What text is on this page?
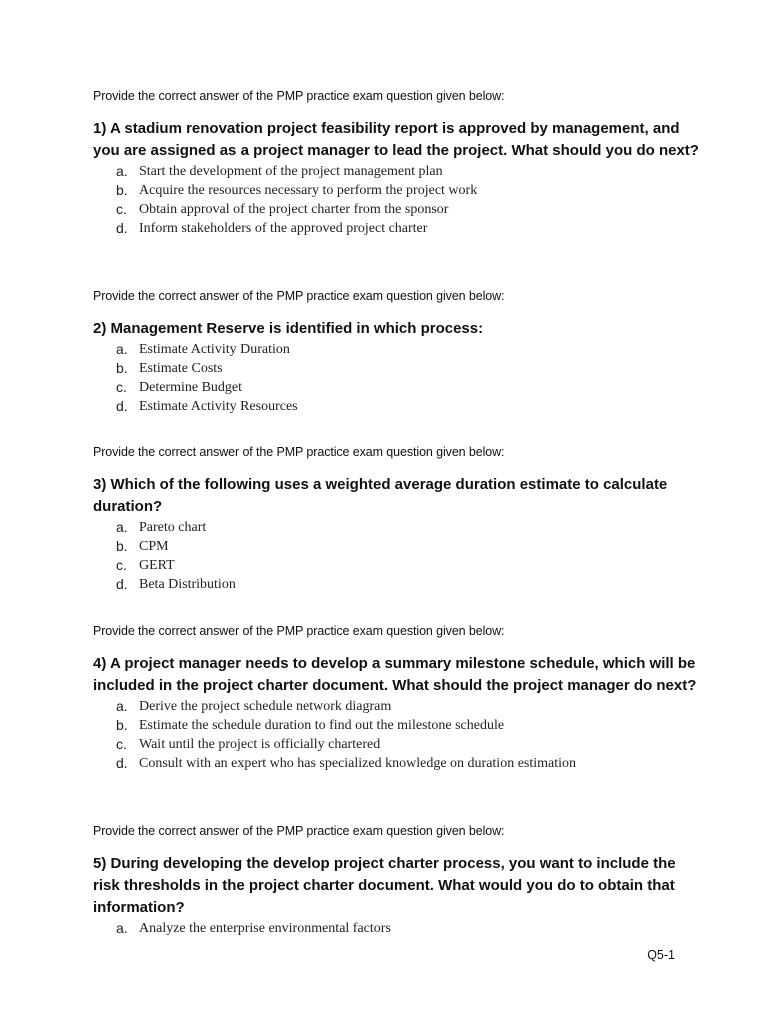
Provide the correct answer of the PMP practice exam question given below:

1) A stadium renovation project feasibility report is approved by management, and you are assigned as a project manager to lead the project. What should you do next?

a. Start the development of the project management plan
b. Acquire the resources necessary to perform the project work
c. Obtain approval of the project charter from the sponsor
d. Inform stakeholders of the approved project charter

Provide the correct answer of the PMP practice exam question given below:

2) Management Reserve is identified in which process:

a. Estimate Activity Duration
b. Estimate Costs
c. Determine Budget
d. Estimate Activity Resources

Provide the correct answer of the PMP practice exam question given below:

3) Which of the following uses a weighted average duration estimate to calculate duration?

a. Pareto chart
b. CPM
c. GERT
d. Beta Distribution

Provide the correct answer of the PMP practice exam question given below:

4) A project manager needs to develop a summary milestone schedule, which will be included in the project charter document. What should the project manager do next?

a. Derive the project schedule network diagram
b. Estimate the schedule duration to find out the milestone schedule
c. Wait until the project is officially chartered
d. Consult with an expert who has specialized knowledge on duration estimation

Provide the correct answer of the PMP practice exam question given below:

5) During developing the develop project charter process, you want to include the risk thresholds in the project charter document. What would you do to obtain that information?

a. Analyze the enterprise environmental factors
Q5-1
